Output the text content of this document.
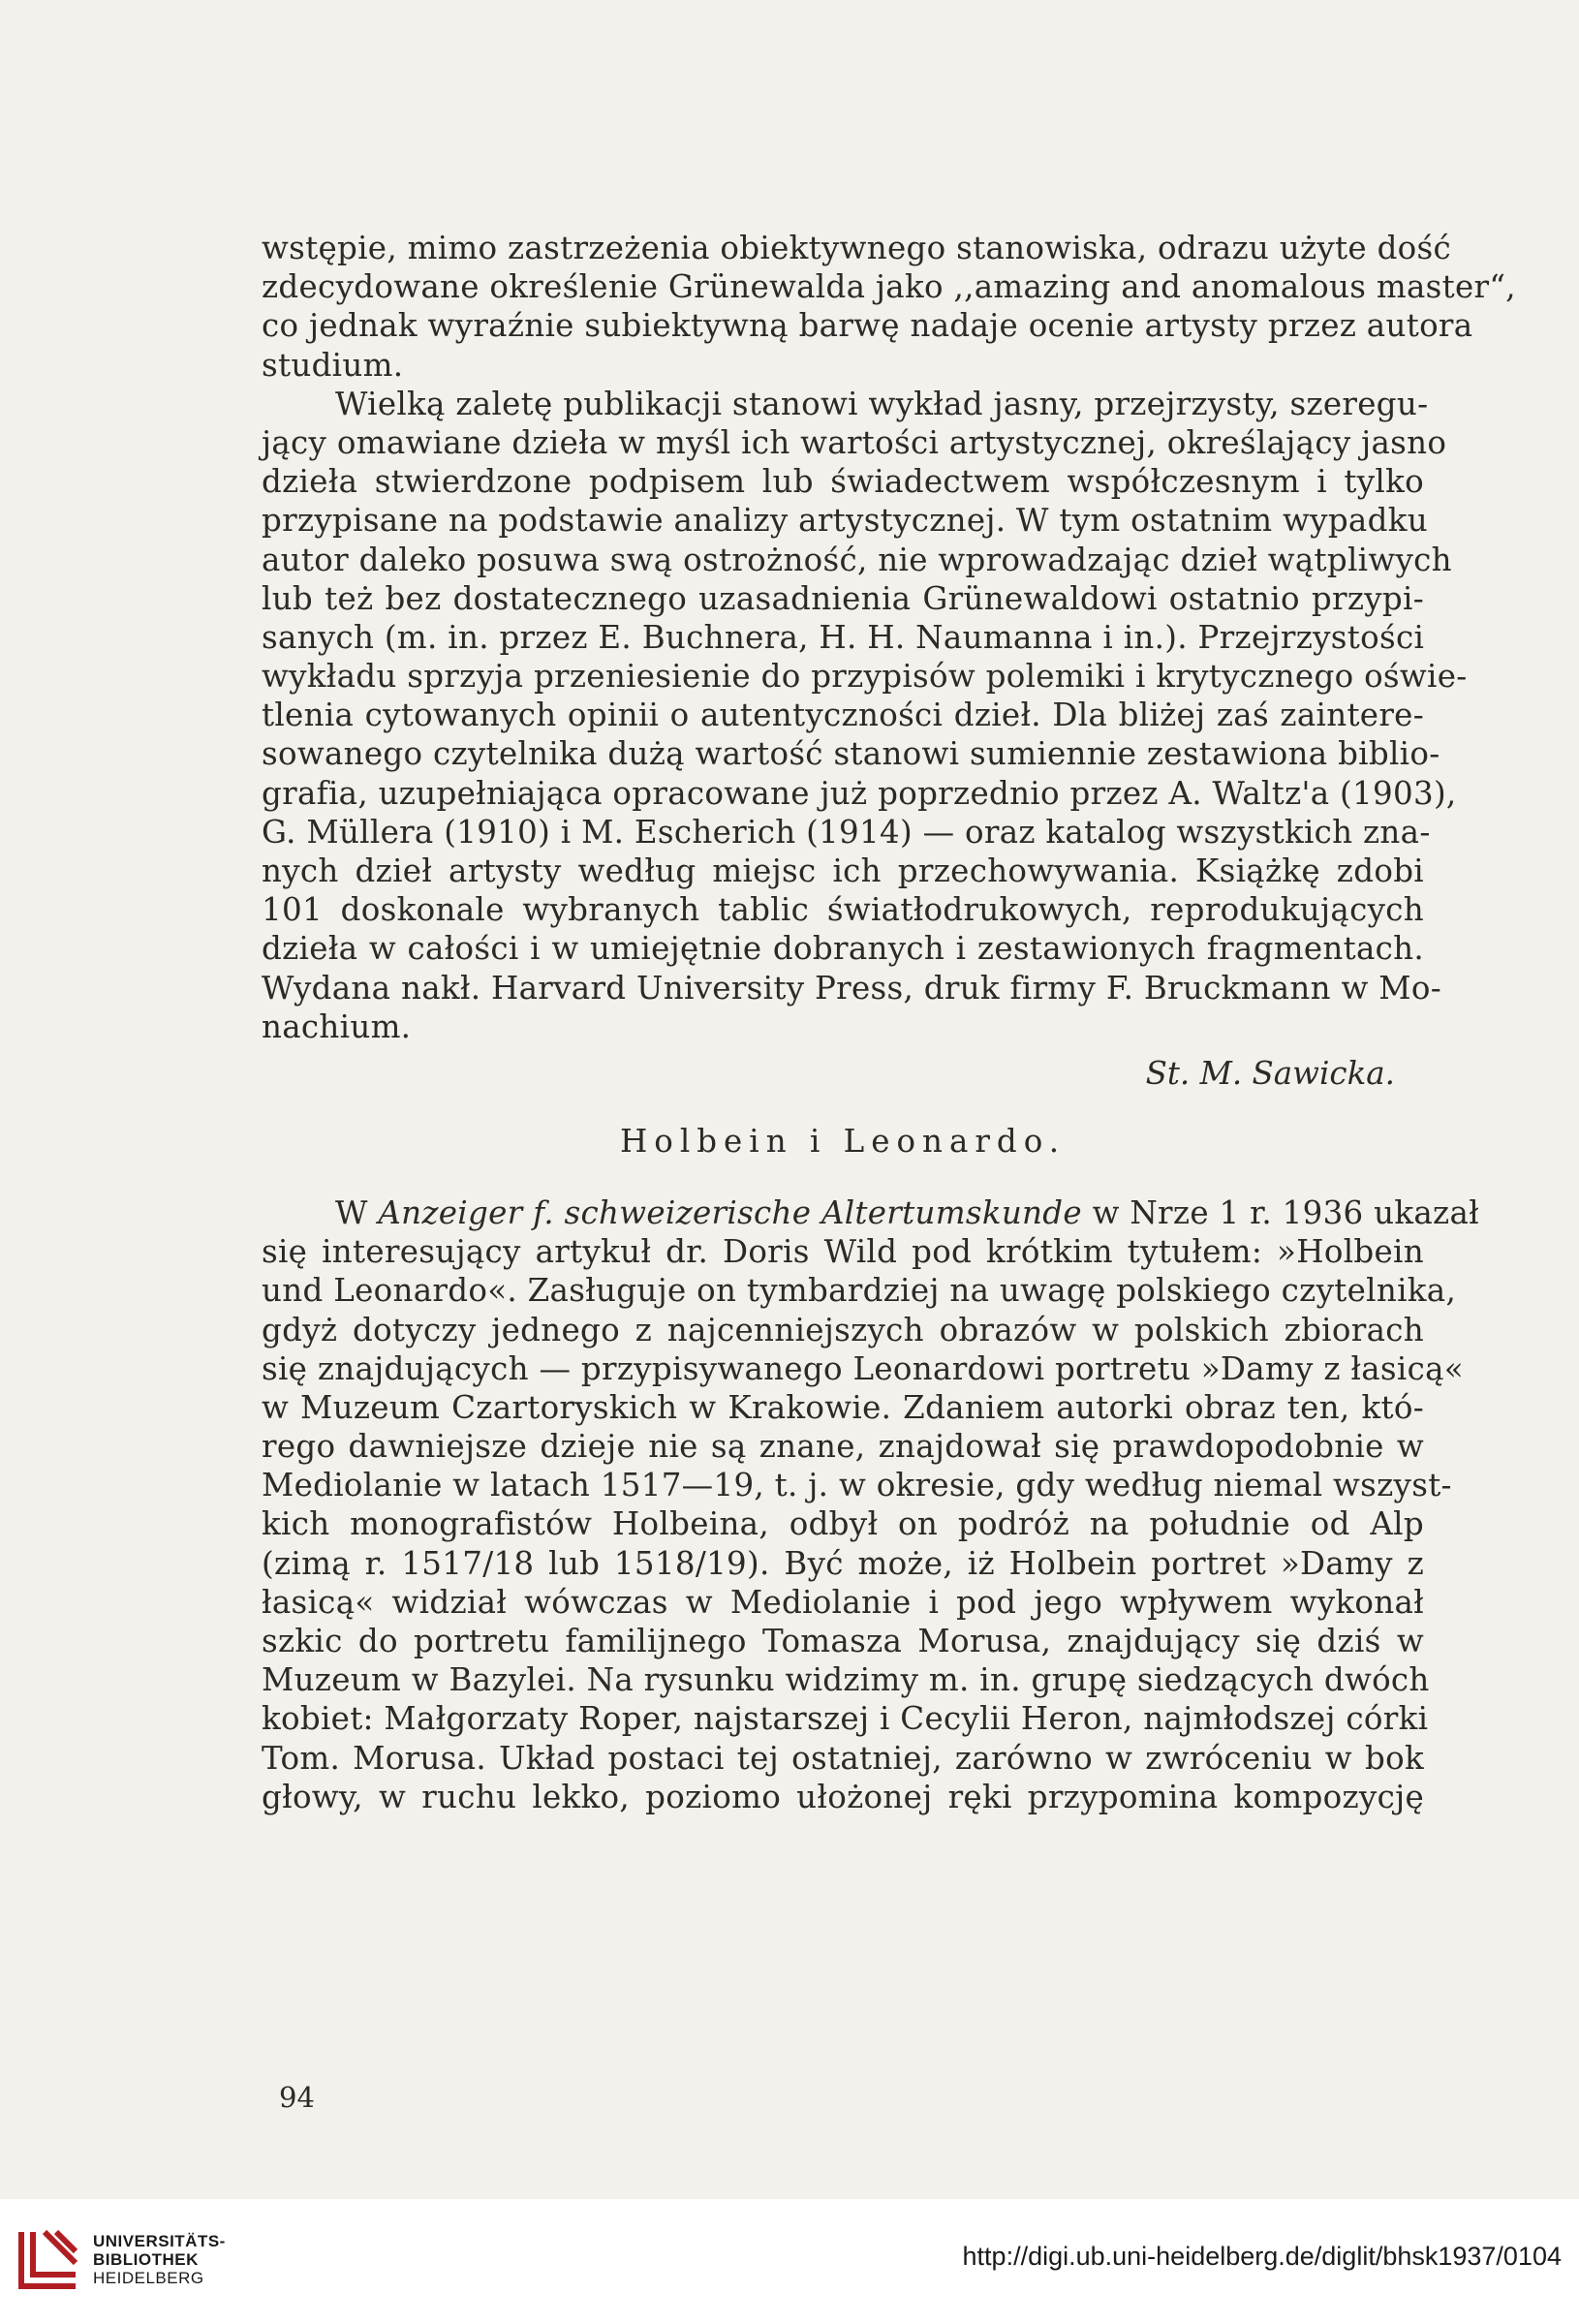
wstępie, mimo zastrzeżenia obiektywnego stanowiska, odrazu użyte dość
zdecydowane określenie Grünewalda jako ,,amazing and anomalous master“,
co jednak wyraźnie subiektywną barwę nadaje ocenie artysty przez autora
studium.
Wielką zaletę publikacji stanowi wykład jasny, przejrzysty, szeregu-
jący omawiane dzieła w myśl ich wartości artystycznej, określający jasno
dzieła stwierdzone podpisem lub świadectwem współczesnym i tylko
przypisane na podstawie analizy artystycznej. W tym ostatnim wypadku
autor daleko posuwa swą ostrożność, nie wprowadzając dzieł wątpliwych
lub też bez dostatecznego uzasadnienia Grünewaldowi ostatnio przypi-
sanych (m. in. przez E. Buchnera, H. H. Naumanna i in.). Przejrzystości
wykładu sprzyja przeniesienie do przypisów polemiki i krytycznego oświe-
tlenia cytowanych opinii o autentyczności dzieł. Dla bliżej zaś zaintere-
sowanego czytelnika dużą wartość stanowi sumiennie zestawiona biblio-
grafia, uzupełniająca opracowane już poprzednio przez A. Waltz'a (1903),
G. Müllera (1910) i M. Escherich (1914) — oraz katalog wszystkich zna-
nych dzieł artysty według miejsc ich przechowywania. Książkę zdobi
101 doskonale wybranych tablic światłodrukowych, reprodukujących
dzieła w całości i w umiejętnie dobranych i zestawionych fragmentach.
Wydana nakł. Harvard University Press, druk firmy F. Bruckmann w Mo-
nachium.
St. M. Sawicka.
Holbein i Leonardo.
W Anzeiger f. schweizerische Altertumskunde w Nrze 1 r. 1936 ukazał
się interesujący artykuł dr. Doris Wild pod krótkim tytułem: »Holbein
und Leonardo«. Zasługuje on tymbardziej na uwagę polskiego czytelnika,
gdyż dotyczy jednego z najcenniejszych obrazów w polskich zbiorach
się znajdujących — przypisywanego Leonardowi portretu »Damy z łasicą«
w Muzeum Czartoryskich w Krakowie. Zdaniem autorki obraz ten, któ-
rego dawniejsze dzieje nie są znane, znajdował się prawdopodobnie w
Mediolanie w latach 1517—19, t. j. w okresie, gdy według niemal wszyst-
kich monografistów Holbeina, odbył on podróż na południe od Alp
(zimą r. 1517/18 lub 1518/19). Być może, iż Holbein portret »Damy z
łasicą« widział wówczas w Mediolanie i pod jego wpływem wykonał
szkic do portretu familijnego Tomasza Morusa, znajdujący się dziś w
Muzeum w Bazylei. Na rysunku widzimy m. in. grupę siedzących dwóch
kobiet: Małgorzaty Roper, najstarszej i Cecylii Heron, najmłodszej córki
Tom. Morusa. Układ postaci tej ostatniej, zarówno w zwróceniu w bok
głowy, w ruchu lekko, poziomo ułożonej ręki przypomina kompozycję
94
UNIVERSITÄTS-
BIBLIOTHEK
HEIDELBERG
http://digi.ub.uni-heidelberg.de/diglit/bhsk1937/0104
